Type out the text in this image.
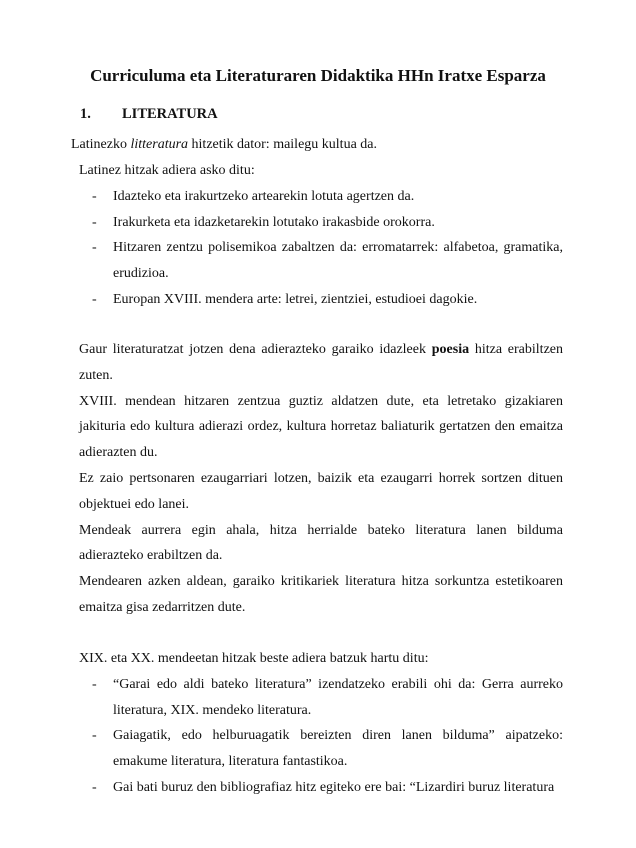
Curriculuma eta Literaturaren Didaktika HHn Iratxe Esparza
1. LITERATURA

Latinezko litteratura hitzetik dator: mailegu kultua da.

Latinez hitzak adiera asko ditu:

- Idazteko eta irakurtzeko artearekin lotuta agertzen da.
- Irakurketa eta idazketarekin lotutako irakasbide orokorra.
- Hitzaren zentzu polisemikoa zabaltzen da: erromatarrek: alfabetoa, gramatika, erudizioa.
- Europan XVIII. mendera arte: letrei, zientziei, estudioei dagokie.

Gaur literaturatzat jotzen dena adierazteko garaiko idazleek poesia hitza erabiltzen zuten.

XVIII. mendean hitzaren zentzua guztiz aldatzen dute, eta letretako gizakiaren jakituria edo kultura adierazi ordez, kultura horretaz baliaturik gertatzen den emaitza adierazten du.

Ez zaio pertsonaren ezaugarriari lotzen, baizik eta ezaugarri horrek sortzen dituen objektuei edo lanei.

Mendeak aurrera egin ahala, hitza herrialde bateko literatura lanen bilduma adierazteko erabiltzen da.

Mendearen azken aldean, garaiko kritikariek literatura hitza sorkuntza estetikoaren emaitza gisa zedarritzen dute.

XIX. eta XX. mendeetan hitzak beste adiera batzuk hartu ditu:

- “Garai edo aldi bateko literatura” izendatzeko erabili ohi da: Gerra aurreko literatura, XIX. mendeko literatura.
- Gaiagatik, edo helburuagatik bereizten diren lanen bilduma” aipatzeko: emakume literatura, literatura fantastikoa.
- Gai bati buruz den bibliografiaz hitz egiteko ere bai: “Lizardiri buruz literatura
